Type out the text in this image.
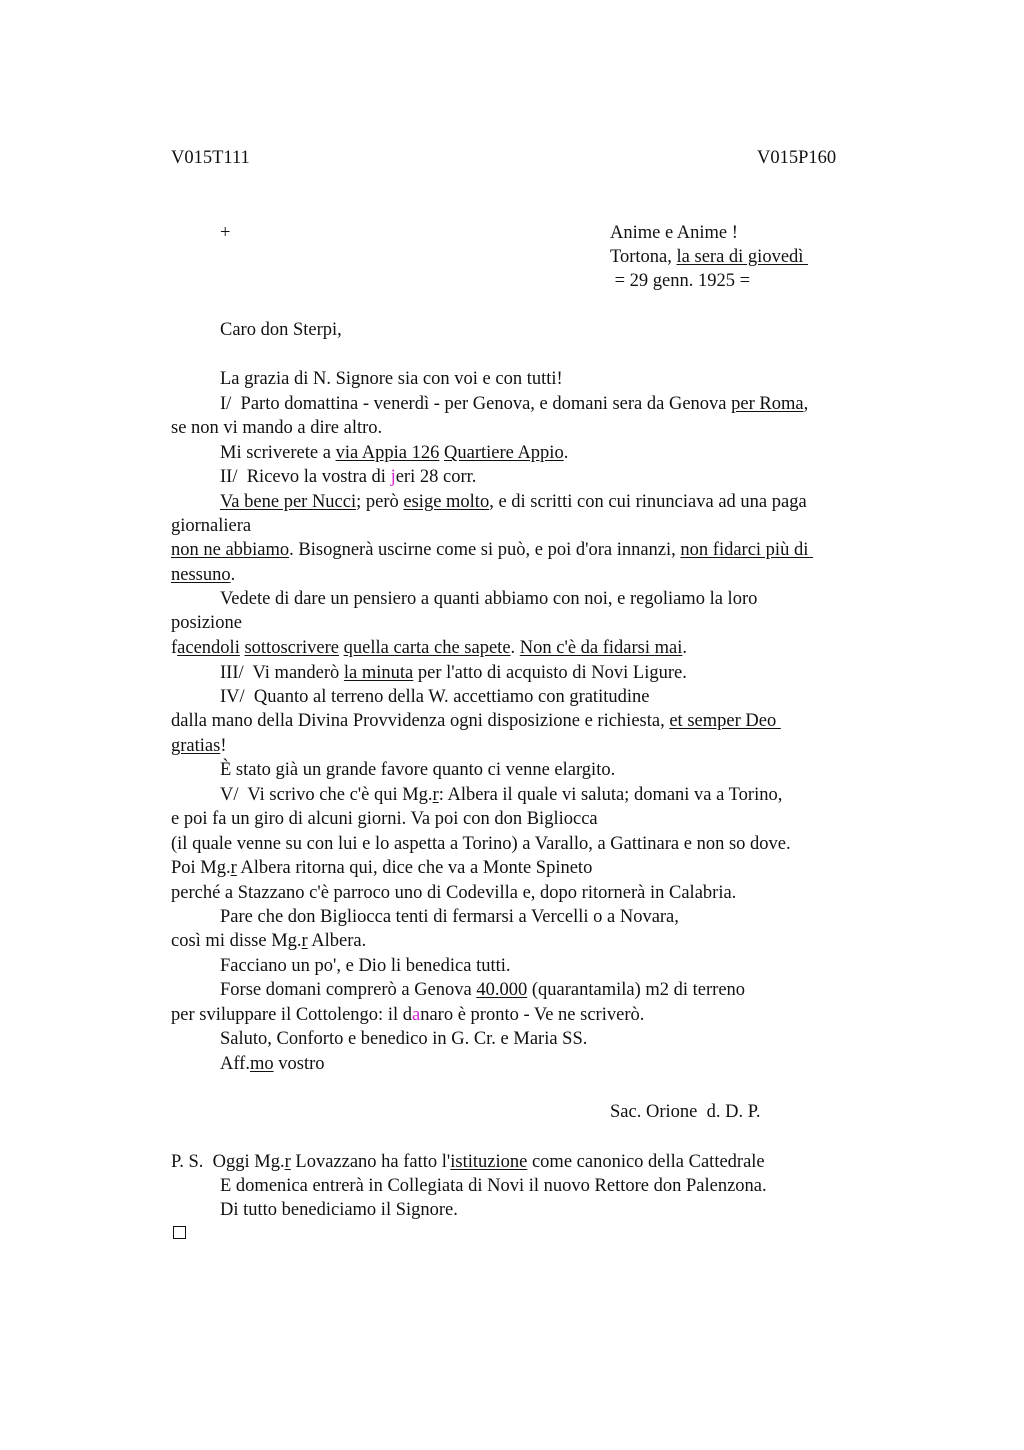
V015T111	V015P160
+	Anime e Anime !
Tortona, la sera di giovedì
= 29 genn. 1925 =
Caro don Sterpi,
La grazia di N. Signore sia con voi e con tutti!
I/  Parto domattina - venerdì - per Genova, e domani sera da Genova per Roma,
se non vi mando a dire altro.
Mi scriverete a via Appia 126 Quartiere Appio.
II/  Ricevo la vostra di jeri 28 corr.
Va bene per Nucci; però esige molto, e di scritti con cui rinunciava ad una paga
giornaliera
non ne abbiamo. Bisognerà uscirne come si può, e poi d'ora innanzi, non fidarci più di
nessuno.
Vedete di dare un pensiero a quanti abbiamo con noi, e regoliamo la loro
posizione
facendoli sottoscrivere quella carta che sapete. Non c'è da fidarsi mai.
III/  Vi manderò la minuta per l'atto di acquisto di Novi Ligure.
IV/  Quanto al terreno della W. accettiamo con gratitudine
dalla mano della Divina Provvidenza ogni disposizione e richiesta, et semper Deo
gratias!
È stato già un grande favore quanto ci venne elargito.
V/  Vi scrivo che c'è qui Mg.r: Albera il quale vi saluta; domani va a Torino,
e poi fa un giro di alcuni giorni. Va poi con don Bigliocca
(il quale venne su con lui e lo aspetta a Torino) a Varallo, a Gattinara e non so dove.
Poi Mg.r Albera ritorna qui, dice che va a Monte Spineto
perché a Stazzano c'è parroco uno di Codevilla e, dopo ritornerà in Calabria.
Pare che don Bigliocca tenti di fermarsi a Vercelli o a Novara,
così mi disse Mg.r Albera.
Facciano un po', e Dio li benedica tutti.
Forse domani comprerò a Genova 40.000 (quarantamila) m2 di terreno
per sviluppare il Cottolengo: il danaro è pronto - Ve ne scriverò.
Saluto, Conforto e benedico in G. Cr. e Maria SS.
Aff.mo vostro
Sac. Orione  d. D. P.
P. S.  Oggi Mg.r Lovazzano ha fatto l'istituzione come canonico della Cattedrale
E domenica entrerà in Collegiata di Novi il nuovo Rettore don Palenzona.
Di tutto benediciamo il Signore.
